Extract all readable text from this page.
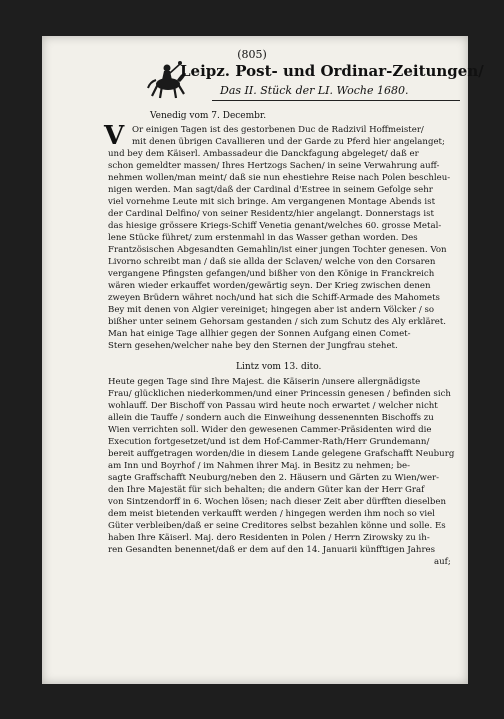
(805)
Leipz. Post- und Ordinar-Zeitungen/
Das II. Stück der LI. Woche 1680.
Venedig vom 7. Decembr.
V Or einigen Tagen ist des gestorbenen Duc de Radzivil Hoffmeister/
mit denen übrigen Cavallieren und der Garde zu Pferd hier angelanget;
und bey dem Käiserl. Ambassadeur die Danckfagung abgeleget/ daß er
schon gemeldter massen/ Ihres Hertzogs Sachen/ in seine Verwahrung auff-
nehmen wollen/man meint/ daß sie nun ehestiehre Reise nach Polen beschleu-
nigen werden. Man sagt/daß der Cardinal d'Estree in seinem Gefolge sehr
viel vornehme Leute mit sich bringe. Am vergangenen Montage Abends ist
der Cardinal Delfino/ von seiner Residentz/hier angelangt. Donnerstags ist
das hiesige grössere Kriegs-Schiff Venetia genant/welches 60. grosse Metal-
lene Stücke führet/ zum erstenmahl in das Wasser gethan worden. Des
Frantzösischen Abgesandten Gemahlin/ist einer jungen Tochter genesen. Von
Livorno schreibt man / daß sie allda der Sclaven/ welche von den Corsaren
vergangene Pfingsten gefangen/und bißher von den Könige in Franckreich
wären wieder erkauffet worden/gewärtig seyn. Der Krieg zwischen denen
zweyen Brüdern währet noch/und hat sich die Schiff-Armade des Mahomets
Bey mit denen von Algier vereiniget; hingegen aber ist andern Völcker / so
bißher unter seinem Gehorsam gestanden / sich zum Schutz des Aly erkläret.
Man hat einige Tage allhier gegen der Sonnen Aufgang einen Comet-
Stern gesehen/welcher nahe bey den Sternen der Jungfrau stehet.
Lintz vom 13. dito.
Heute gegen Tage sind Ihre Majest. die Käiserin /unsere allergnädigste
Frau/ glücklichen niederkommen/und einer Princessin genesen / befinden sich
wohlauff. Der Bischoff von Passau wird heute noch erwartet / welcher nicht
allein die Tauffe / sondern auch die Einweihung dessenennten Bischoffs zu
Wien verrichten soll. Wider den gewesenen Cammer-Präsidenten wird die
Execution fortgesetzet/und ist dem Hof-Cammer-Rath/Herr Grundemann/
bereit auffgetragen worden/die in diesem Lande gelegene Grafschafft Neuburg
am Inn und Boyrhof / im Nahmen ihrer Maj. in Besitz zu nehmen; be-
sagte Graffschafft Neuburg/neben den 2. Häusern und Gärten zu Wien/wer-
den Ihre Majestät für sich behalten; die andern Güter kan der Herr Graf
von Sintzendorff in 6. Wochen lösen; nach dieser Zeit aber dürfften dieselben
dem meist bietenden verkaufft werden / hingegen werden ihm noch so viel
Güter verbleiben/daß er seine Creditores selbst bezahlen könne und solle. Es
haben Ihre Käiserl. Maj. dero Residenten in Polen / Herrn Zirowsky zu ih-
ren Gesandten benennet/daß er dem auf den 14. Januarii künfftigen Jahres
auf;
